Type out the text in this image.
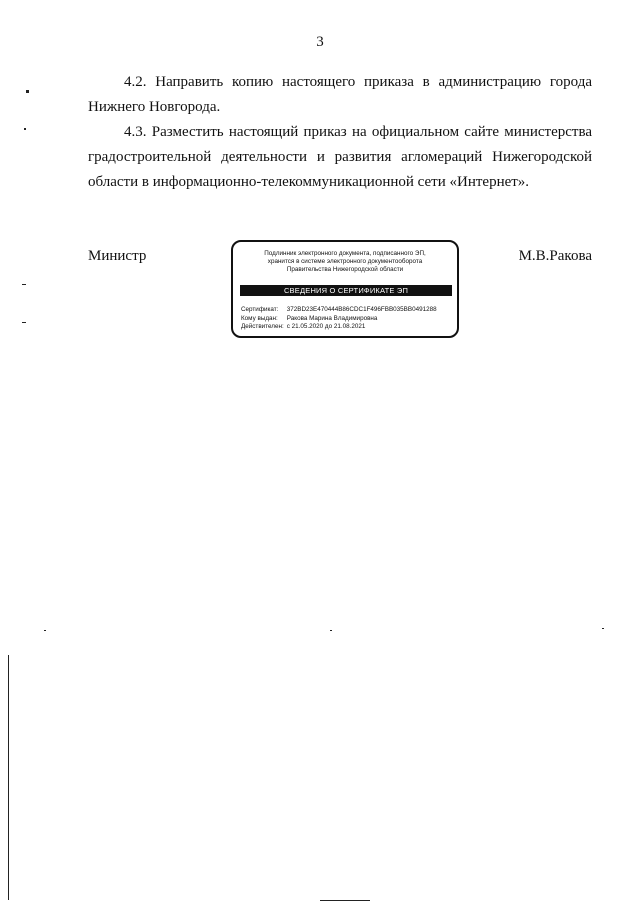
3
4.2. Направить копию настоящего приказа в администрацию города
Нижнего Новгорода.
4.3. Разместить настоящий приказ на официальном сайте министерства
градостроительной деятельности и развития агломераций Нижегородской
области в информационно-телекоммуникационной сети «Интернет».
Министр	Подлинник электронного документа, подписанного ЭП,
хранится в системе электронного документооборота
Правительства Нижегородской области
СВЕДЕНИЯ О СЕРТИФИКАТЕ ЭП
Сертификат: 372BD23E470444B86CDC1F496FBB035BB0491288
Кому выдан: Ракова Марина Владимировна
Действителен: с 21.05.2020 до 21.08.2021
М.В.Ракова
